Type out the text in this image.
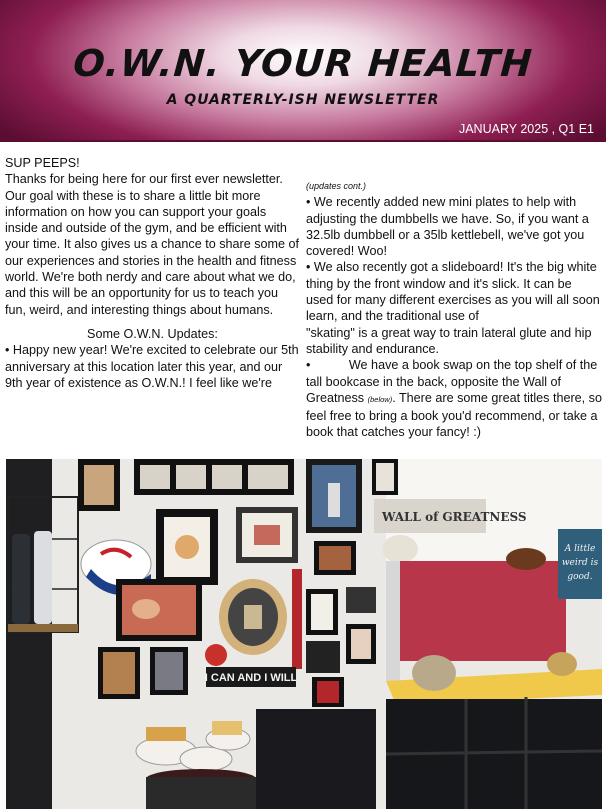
O.W.N. YOUR HEALTH
A QUARTERLY-ISH NEWSLETTER
JANUARY 2025 , Q1 E1

SUP PEEPS!

Thanks for being here for our first ever newsletter. Our goal with these is to share a little bit more information on how you can support your goals inside and outside of the gym, and be efficient with your time. It also gives us a chance to share some of our experiences and stories in the health and fitness world. We're both nerdy and care about what we do, and this will be an opportunity for us to teach you fun, weird, and interesting things about humans.

Some O.W.N. Updates:

• Happy new year! We're excited to celebrate our 5th anniversary at this location later this year, and our 9th year of existence as O.W.N.! I feel like we're

(updates cont.)

• We recently added new mini plates to help with adjusting the dumbbells we have. So, if you want a 32.5lb dumbbell or a 35lb kettlebell, we've got you covered! Woo!

• We also recently got a slideboard! It's the big white thing by the front window and it's slick. It can be used for many different exercises as you will all soon learn, and the traditional use of

"skating" is a great way to train lateral glute and hip stability and endurance.

•           We have a book swap on the top shelf of the tall bookcase in the back, opposite the Wall of Greatness (below). There are some great titles there, so feel free to bring a book you'd recommend, or take a book that catches your fancy! :)

WALL of GREATNESS
I CAN AND I WILL
A little
weird is
good.
